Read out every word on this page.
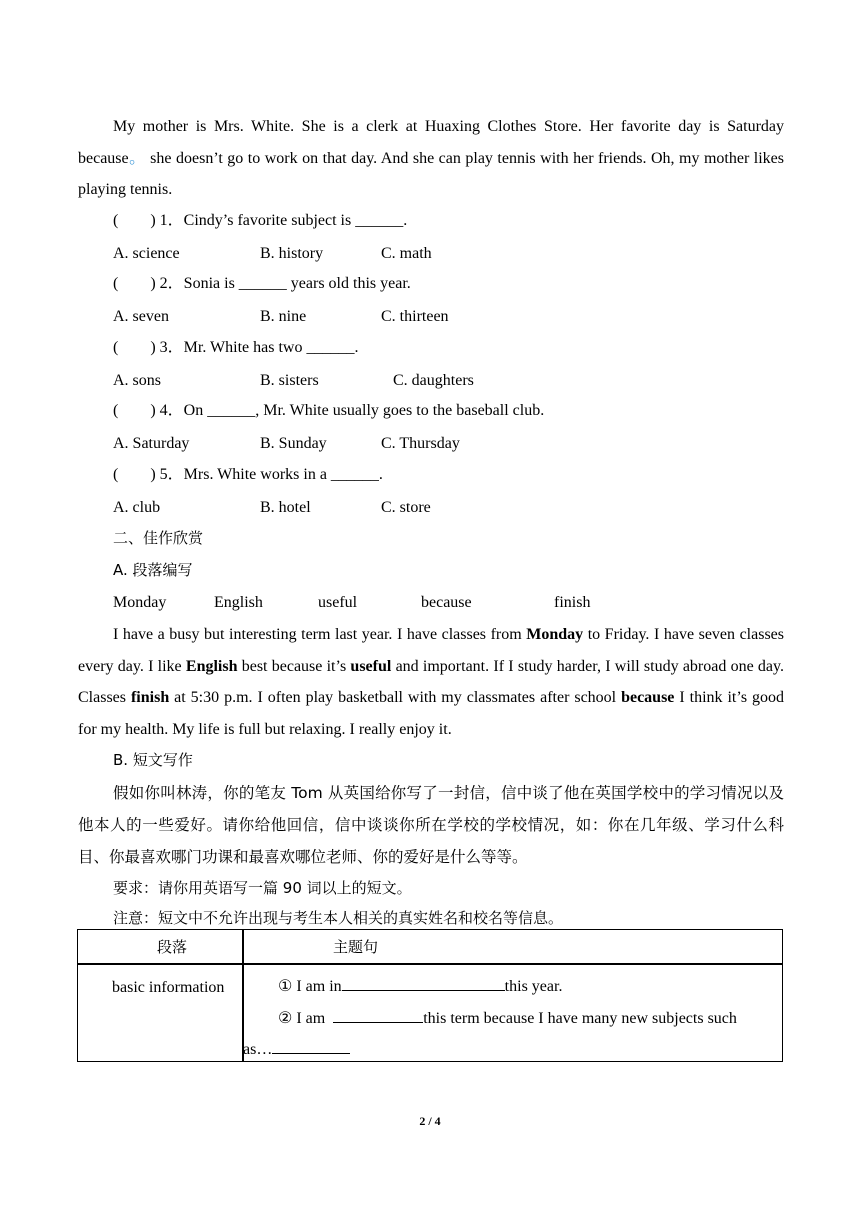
My mother is Mrs. White. She is a clerk at Huaxing Clothes Store. Her favorite day is Saturday because。 she doesn’t go to work on that day. And she can play tennis with her friends. Oh, my mother likes playing tennis.
(        ) 1．Cindy’s favorite subject is ______.
A. science	B. history	C. math
(        ) 2．Sonia is ______ years old this year.
A. seven	B. nine	C. thirteen
(        ) 3．Mr. White has two ______.
A. sons	B. sisters	C. daughters
(        ) 4．On ______, Mr. White usually goes to the baseball club.
A. Saturday	B. Sunday	C. Thursday
(        ) 5．Mrs. White works in a ______.
A. club	B. hotel	C. store
二、佳作欣赏
A. 段落编写
Monday	English	useful	because	finish
I have a busy but interesting term last year. I have classes from Monday to Friday. I have seven classes every day. I like English best because it’s useful and important. If I study harder, I will study abroad one day. Classes finish at 5:30 p.m. I often play basketball with my classmates after school because I think it’s good for my health. My life is full but relaxing. I really enjoy it.
B. 短文写作
假如你叫林涛，你的笔友 Tom 从英国给你写了一封信，信中谈了他在英国学校中的学习情况以及他本人的一些爱好。请你给他回信，信中谈谈你所在学校的学校情况，如：你在几年级、学习什么科目、你最喜欢哪门功课和最喜欢哪位老师、你的爱好是什么等等。
要求：请你用英语写一篇 90 词以上的短文。
注意：短文中不允许出现与考生本人相关的真实姓名和校名等信息。
段落	主题句
basic information	① I am in	this year.
② I am	this term because I have many new subjects such
as…
2 / 4
